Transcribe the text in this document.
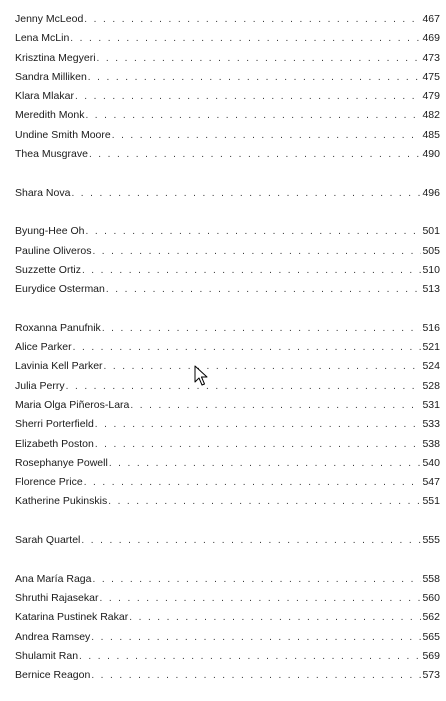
Jenny McLeod . . .	467
Lena McLin . . .	469
Krisztina Megyeri . . .	473
Sandra Milliken . . .	475
Klara Mlakar . . .	479
Meredith Monk . . .	482
Undine Smith Moore . . .	485
Thea Musgrave . . .	490
Shara Nova . . .	496
Byung-Hee Oh . . .	501
Pauline Oliveros . . .	505
Suzzette Ortiz . . .	510
Eurydice Osterman . . .	513
Roxanna Panufnik . . .	516
Alice Parker . . .	521
Lavinia Kell Parker . . .	524
Julia Perry . . .	528
Maria Olga Piñeros-Lara . . .	531
Sherri Porterfield . . .	533
Elizabeth Poston . . .	538
Rosephanye Powell . . .	540
Florence Price . . .	547
Katherine Pukinskis . . .	551
Sarah Quartel . . .	555
Ana María Raga . . .	558
Shruthi Rajasekar . . .	560
Katarina Pustinek Rakar . . .	562
Andrea Ramsey . . .	565
Shulamit Ran . . .	569
Bernice Reagon . . .	573
